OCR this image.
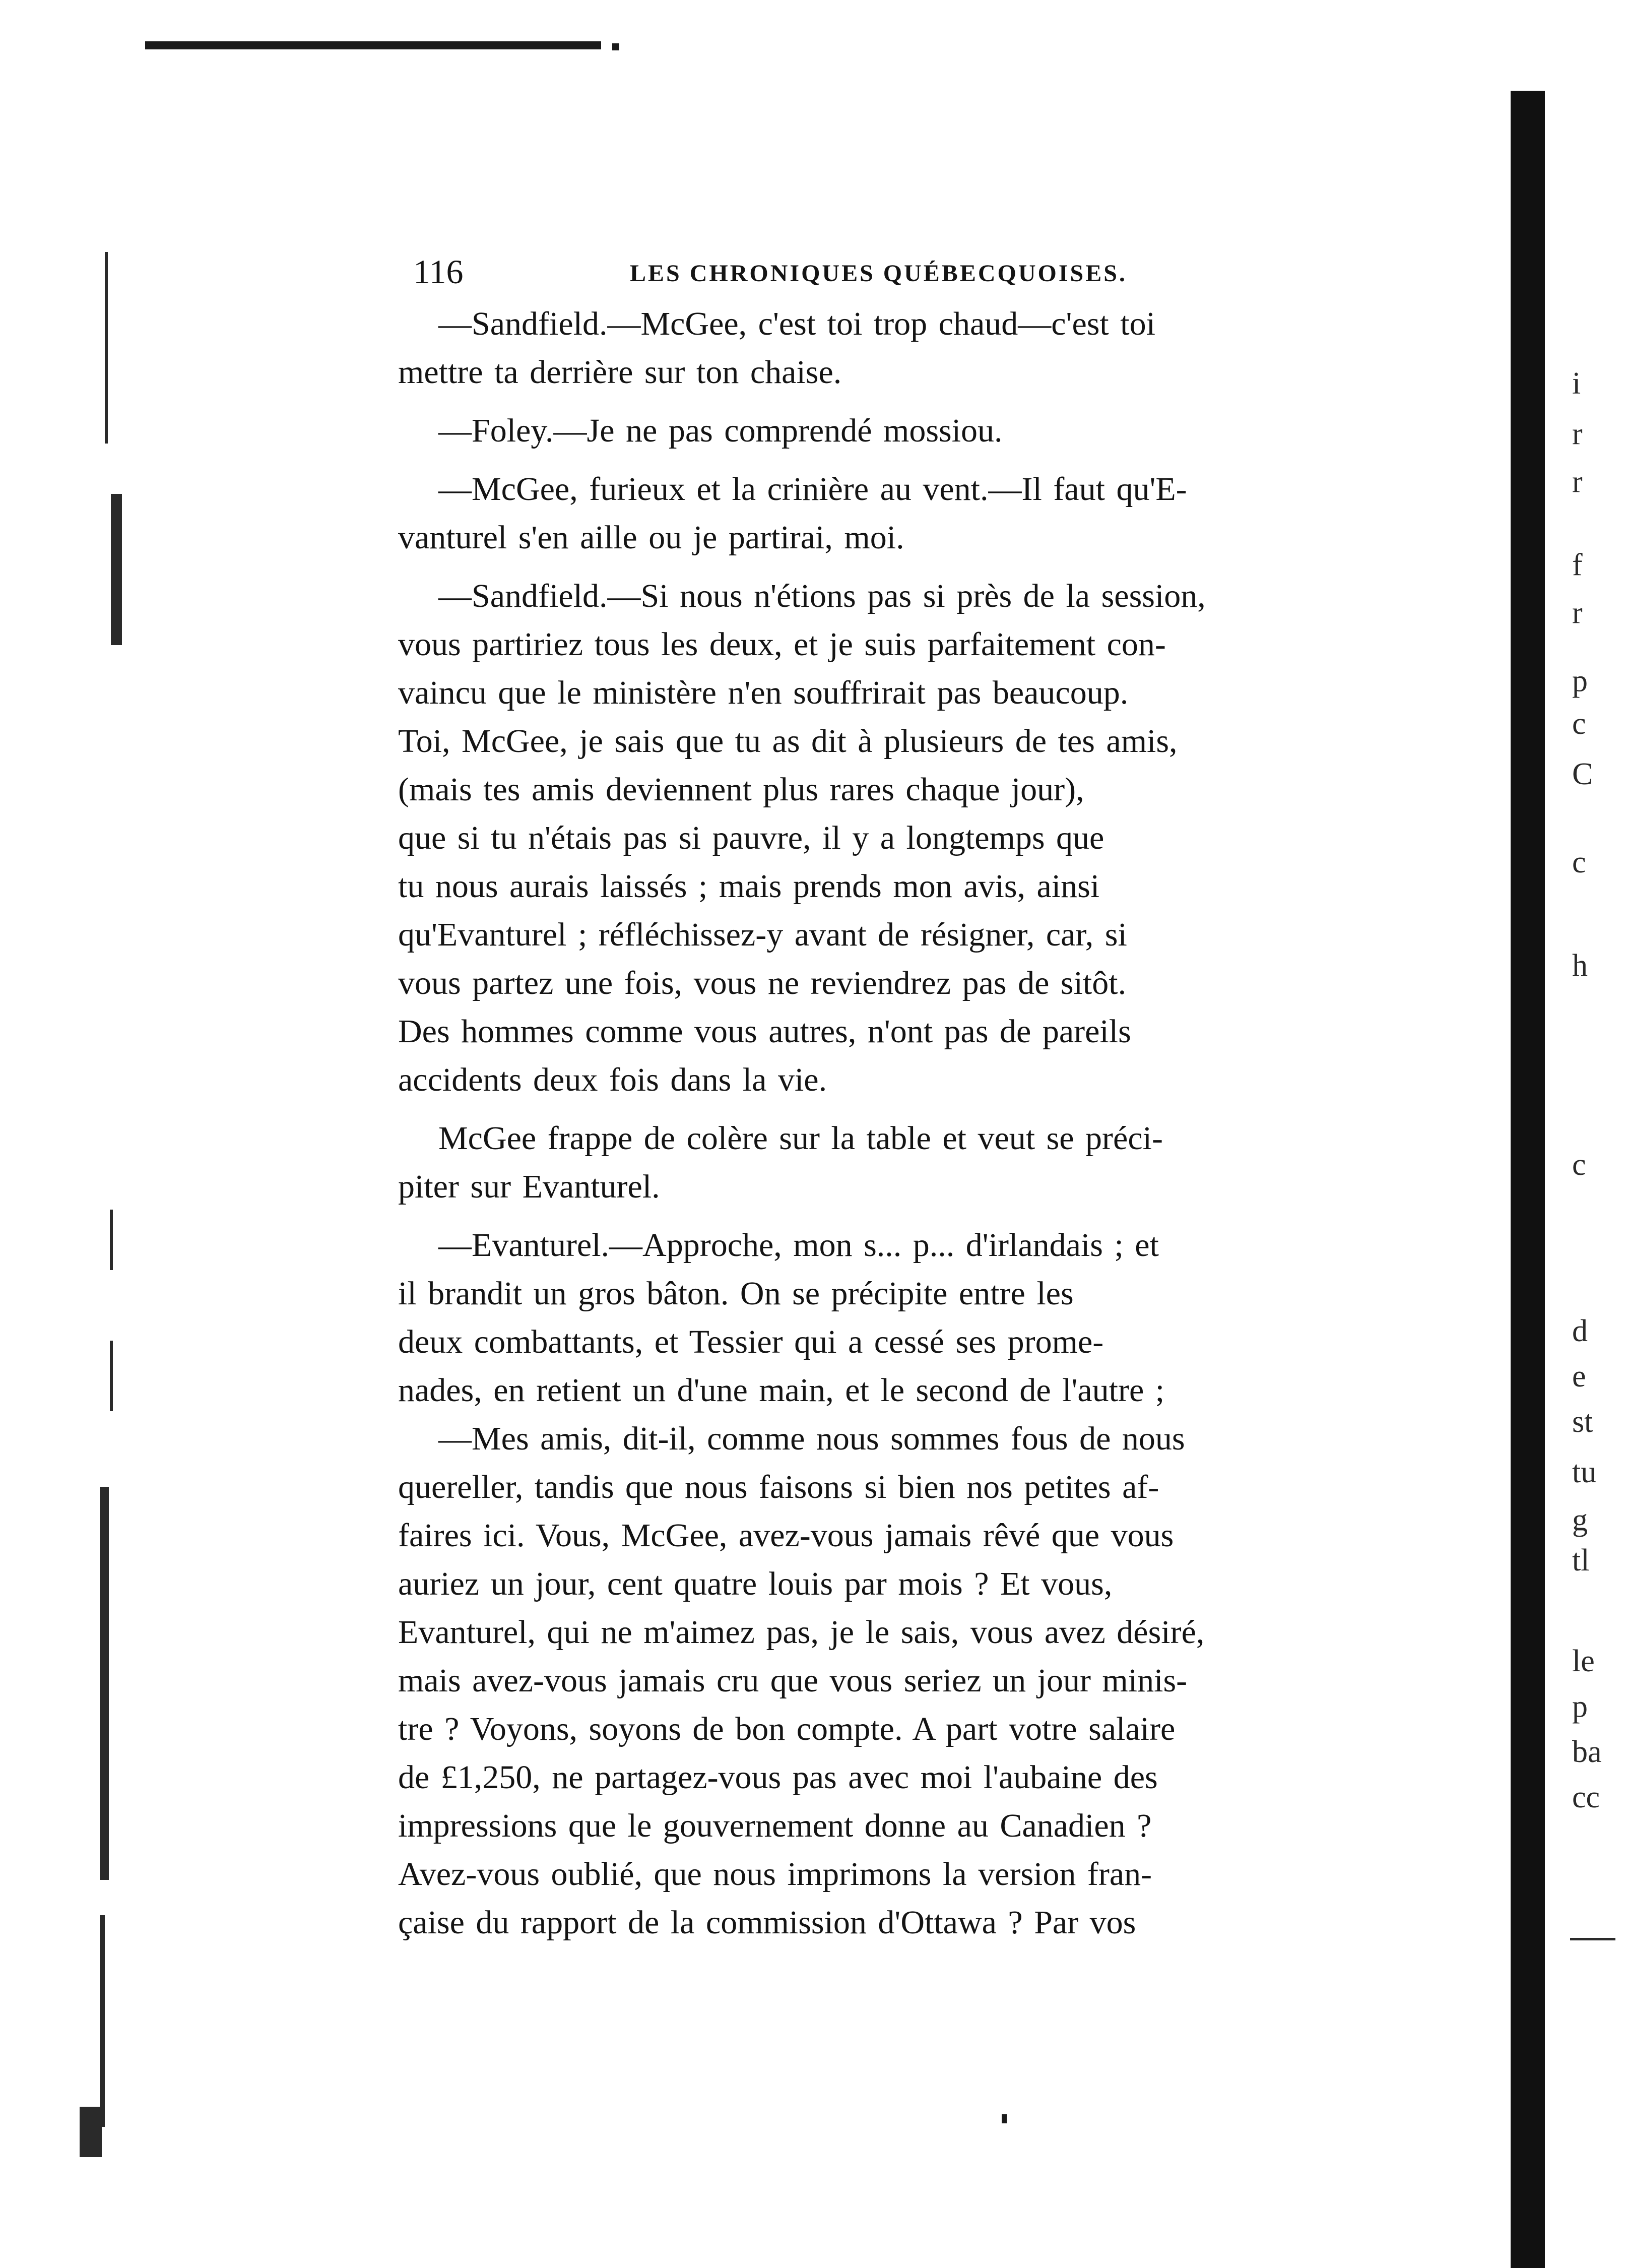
i
r
r
f
r
p
c
C
c
h
c
d
e
st
tu
g
tl
le
p
ba
cc
116	LES CHRONIQUES QUÉBECQUOISES.

—Sandfield.—McGee, c'est toi trop chaud—c'est toi
mettre ta derrière sur ton chaise.

—Foley.—Je ne pas comprendé mossiou.

—McGee, furieux et la crinière au vent.—Il faut qu'E-
vanturel s'en aille ou je partirai, moi.

—Sandfield.—Si nous n'étions pas si près de la session,
vous partiriez tous les deux, et je suis parfaitement con-
vaincu que le ministère n'en souffrirait pas beaucoup.
Toi, McGee, je sais que tu as dit à plusieurs de tes amis,
(mais tes amis deviennent plus rares chaque jour),
que si tu n'étais pas si pauvre, il y a longtemps que
tu nous aurais laissés ; mais prends mon avis, ainsi
qu'Evanturel ; réfléchissez-y avant de résigner, car, si
vous partez une fois, vous ne reviendrez pas de sitôt.
Des hommes comme vous autres, n'ont pas de pareils
accidents deux fois dans la vie.

McGee frappe de colère sur la table et veut se préci-
piter sur Evanturel.

—Evanturel.—Approche, mon s... p... d'irlandais ; et
il brandit un gros bâton. On se précipite entre les
deux combattants, et Tessier qui a cessé ses prome-
nades, en retient un d'une main, et le second de l'autre ;

—Mes amis, dit-il, comme nous sommes fous de nous
quereller, tandis que nous faisons si bien nos petites af-
faires ici. Vous, McGee, avez-vous jamais rêvé que vous
auriez un jour, cent quatre louis par mois ? Et vous,
Evanturel, qui ne m'aimez pas, je le sais, vous avez désiré,
mais avez-vous jamais cru que vous seriez un jour minis-
tre ? Voyons, soyons de bon compte. A part votre salaire
de £1,250, ne partagez-vous pas avec moi l'aubaine des
impressions que le gouvernement donne au Canadien ?
Avez-vous oublié, que nous imprimons la version fran-
çaise du rapport de la commission d'Ottawa ? Par vos
